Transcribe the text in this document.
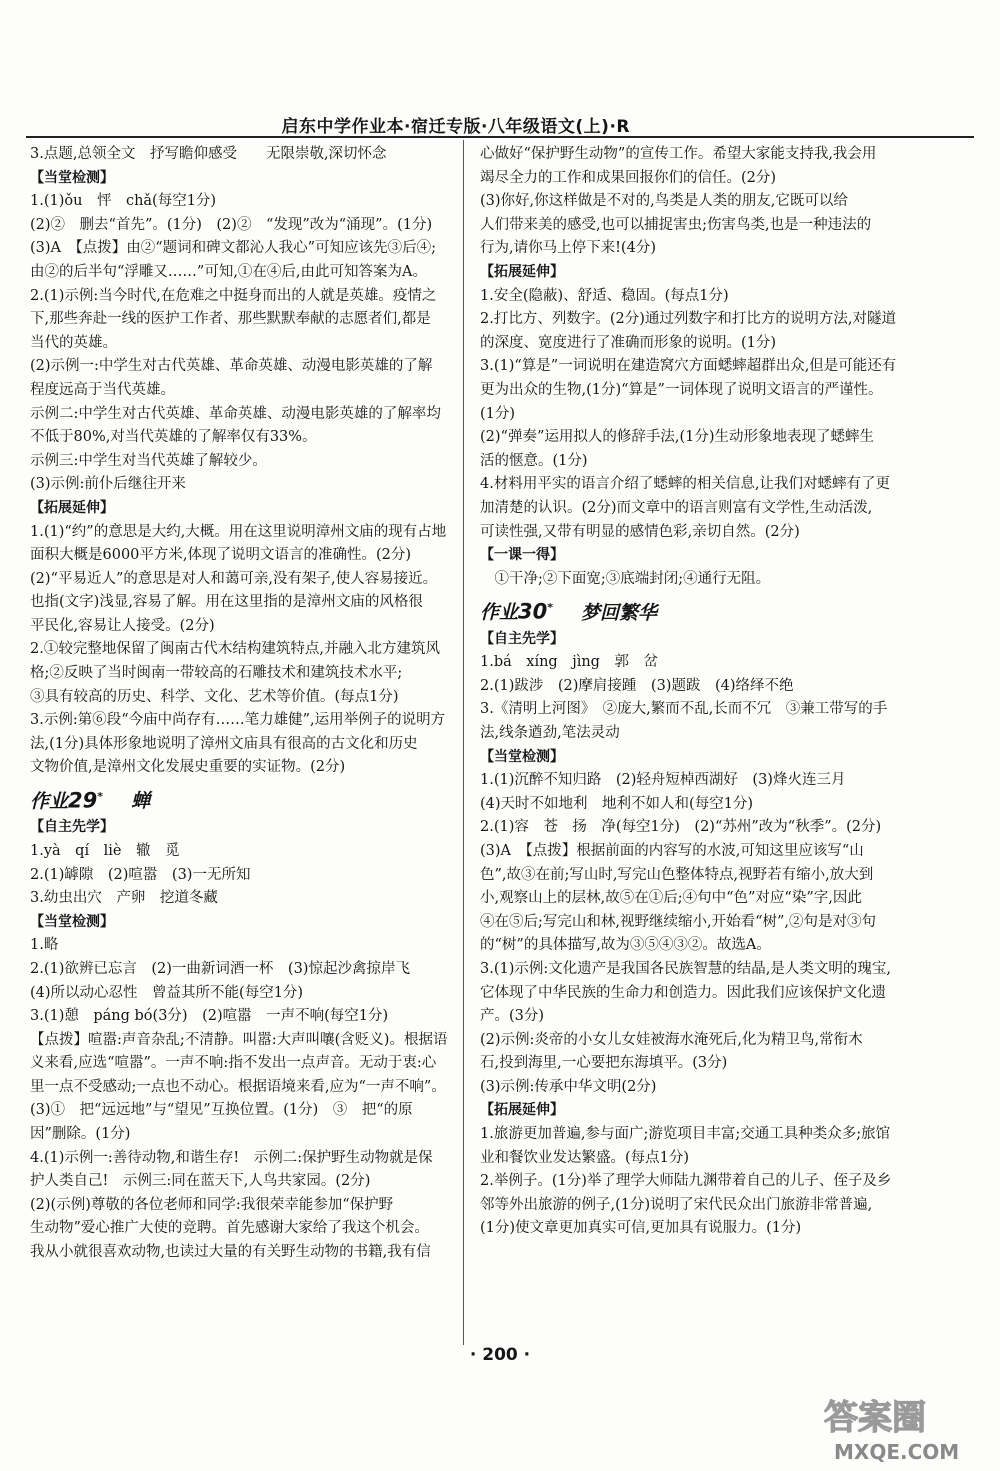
启东中学作业本·宿迁专版·八年级语文(上)·R
3.点题,总领全文　抒写瞻仰感受　　无限崇敬,深切怀念
【当堂检测】
1.(1)ǒu　怦　chǎ(每空1分)
(2)②　删去“首先”。(1分)　(2)②　“发现”改为“涌现”。(1分)
(3)A　【点拨】由②“题词和碑文都沁人我心”可知应该先③后④;
由②的后半句“浮雕又……”可知,①在④后,由此可知答案为A。
2.(1)示例:当今时代,在危难之中挺身而出的人就是英雄。疫情之
下,那些奔赴一线的医护工作者、那些默默奉献的志愿者们,都是
当代的英雄。
(2)示例一:中学生对古代英雄、革命英雄、动漫电影英雄的了解
程度远高于当代英雄。
示例二:中学生对古代英雄、革命英雄、动漫电影英雄的了解率均
不低于80%,对当代英雄的了解率仅有33%。
示例三:中学生对当代英雄了解较少。
(3)示例:前仆后继往开来
【拓展延伸】
1.(1)“约”的意思是大约,大概。用在这里说明漳州文庙的现有占地
面积大概是6000平方米,体现了说明文语言的准确性。(2分)
(2)“平易近人”的意思是对人和蔼可亲,没有架子,使人容易接近。
也指(文字)浅显,容易了解。用在这里指的是漳州文庙的风格很
平民化,容易让人接受。(2分)
2.①较完整地保留了闽南古代木结构建筑特点,并融入北方建筑风
格;②反映了当时闽南一带较高的石雕技术和建筑技术水平;
③具有较高的历史、科学、文化、艺术等价值。(每点1分)
3.示例:第⑥段“今庙中尚存有……笔力雄健”,运用举例子的说明方
法,(1分)具体形象地说明了漳州文庙具有很高的古文化和历史
文物价值,是漳州文化发展史重要的实证物。(2分)
作业29* 蝉
【自主先学】
1.yà　qí　liè　辙　觅
2.(1)罅隙　(2)喧嚣　(3)一无所知
3.幼虫出穴　产卵　挖道冬藏
【当堂检测】
1.略
2.(1)欲辨已忘言　(2)一曲新词酒一杯　(3)惊起沙禽掠岸飞
(4)所以动心忍性　曾益其所不能(每空1分)
3.(1)憩　páng bó(3分)　(2)喧嚣　一声不响(每空1分)
【点拨】喧嚣:声音杂乱;不清静。叫嚣:大声叫嚷(含贬义)。根据语
义来看,应选“喧嚣”。一声不响:指不发出一点声音。无动于衷:心
里一点不受感动;一点也不动心。根据语境来看,应为“一声不响”。
(3)①　把“远远地”与“望见”互换位置。(1分)　③　把“的原
因”删除。(1分)
4.(1)示例一:善待动物,和谐生存!　示例二:保护野生动物就是保
护人类自己!　示例三:同在蓝天下,人鸟共家园。(2分)
(2)(示例)尊敬的各位老师和同学:我很荣幸能参加“保护野
生动物”爱心推广大使的竞聘。首先感谢大家给了我这个机会。
我从小就很喜欢动物,也读过大量的有关野生动物的书籍,我有信
心做好“保护野生动物”的宣传工作。希望大家能支持我,我会用
竭尽全力的工作和成果回报你们的信任。(2分)
(3)你好,你这样做是不对的,鸟类是人类的朋友,它既可以给
人们带来美的感受,也可以捕捉害虫;伤害鸟类,也是一种违法的
行为,请你马上停下来!(4分)
【拓展延伸】
1.安全(隐蔽)、舒适、稳固。(每点1分)
2.打比方、列数字。(2分)通过列数字和打比方的说明方法,对隧道
的深度、宽度进行了准确而形象的说明。(1分)
3.(1)“算是”一词说明在建造窝穴方面蟋蟀超群出众,但是可能还有
更为出众的生物,(1分)“算是”一词体现了说明文语言的严谨性。
(1分)
(2)“弹奏”运用拟人的修辞手法,(1分)生动形象地表现了蟋蟀生
活的惬意。(1分)
4.材料用平实的语言介绍了蟋蟀的相关信息,让我们对蟋蟀有了更
加清楚的认识。(2分)而文章中的语言则富有文学性,生动活泼,
可读性强,又带有明显的感情色彩,亲切自然。(2分)
【一课一得】
　①干净;②下面宽;③底端封闭;④通行无阻。
作业30* 梦回繁华
【自主先学】
1.bá　xíng　jìng　郭　岔
2.(1)跋涉　(2)摩肩接踵　(3)题跋　(4)络绎不绝
3.《清明上河图》　②庞大,繁而不乱,长而不冗　③兼工带写的手
法,线条遒劲,笔法灵动
【当堂检测】
1.(1)沉醉不知归路　(2)轻舟短棹西湖好　(3)烽火连三月
(4)天时不如地利　地利不如人和(每空1分)
2.(1)容　苍　扬　净(每空1分)　(2)“苏州”改为“秋季”。(2分)
(3)A　【点拨】根据前面的内容写的水波,可知这里应该写“山
色”,故③在前;写山时,写完山色整体特点,视野若有缩小,放大到
小,观察山上的层林,故⑤在①后;④句中“色”对应“染”字,因此
④在⑤后;写完山和林,视野继续缩小,开始看“树”,②句是对③句
的“树”的具体描写,故为③⑤④③②。故选A。
3.(1)示例:文化遗产是我国各民族智慧的结晶,是人类文明的瑰宝,
它体现了中华民族的生命力和创造力。因此我们应该保护文化遗
产。(3分)
(2)示例:炎帝的小女儿女娃被海水淹死后,化为精卫鸟,常衔木
石,投到海里,一心要把东海填平。(3分)
(3)示例:传承中华文明(2分)
【拓展延伸】
1.旅游更加普遍,参与面广;游览项目丰富;交通工具种类众多;旅馆
业和餐饮业发达繁盛。(每点1分)
2.举例子。(1分)举了理学大师陆九渊带着自己的儿子、侄子及乡
邻等外出旅游的例子,(1分)说明了宋代民众出门旅游非常普遍,
(1分)使文章更加真实可信,更加具有说服力。(1分)
· 200 ·
答案圈
MXQE.COM
